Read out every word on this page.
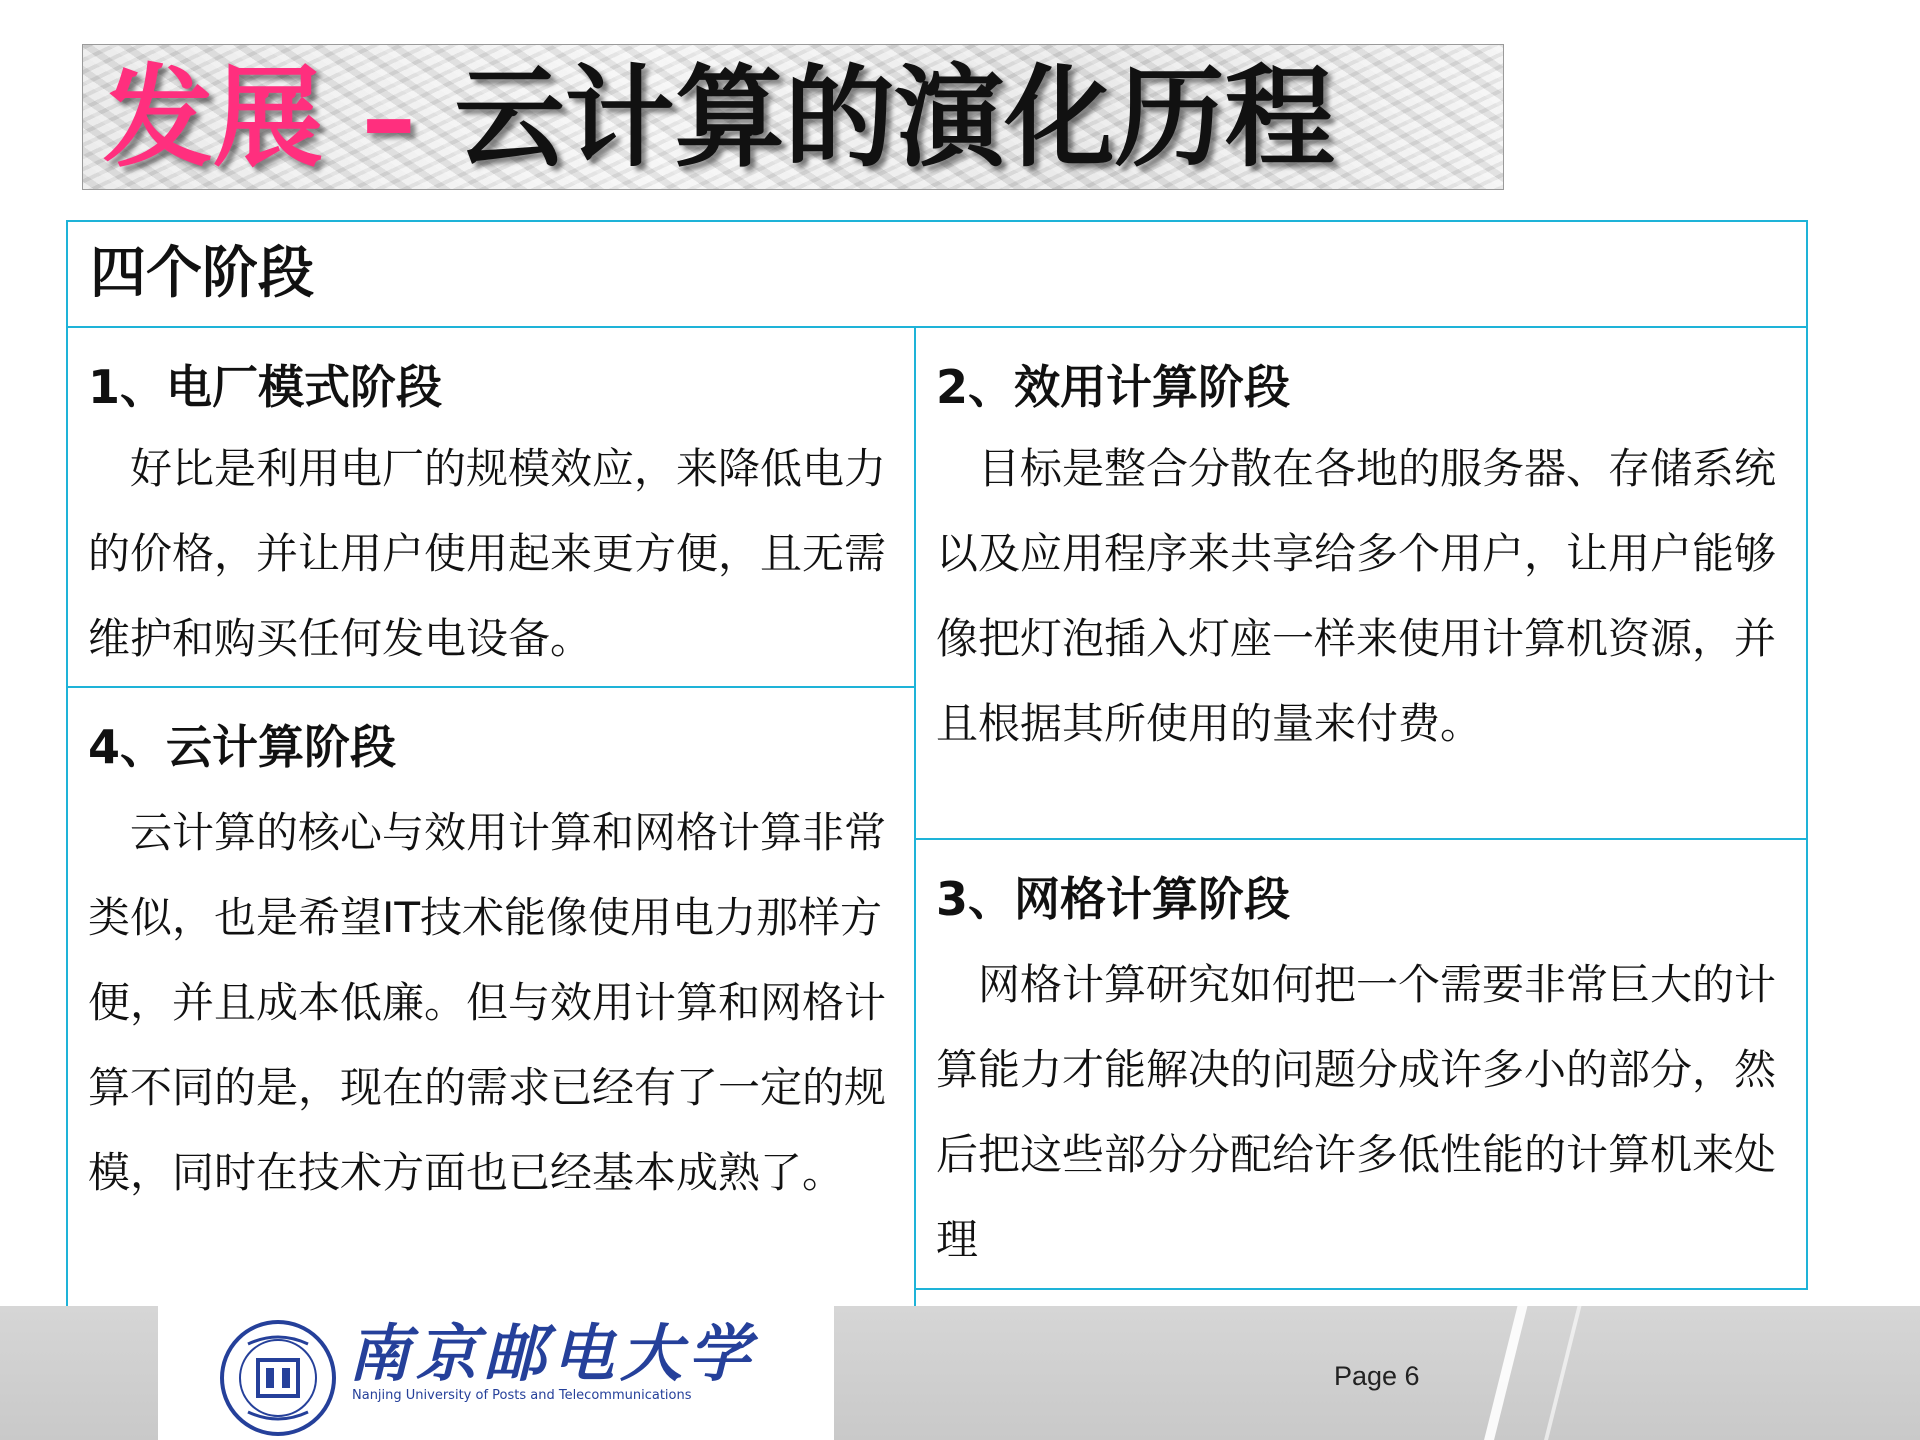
发展 – 云计算的演化历程
四个阶段
1、电厂模式阶段

好比是利用电厂的规模效应，来降低电力的价格，并让用户使用起来更方便，且无需维护和购买任何发电设备。

4、云计算阶段

云计算的核心与效用计算和网格计算非常类似，也是希望IT技术能像使用电力那样方便，并且成本低廉。但与效用计算和网格计算不同的是，现在的需求已经有了一定的规模，同时在技术方面也已经基本成熟了。

2、效用计算阶段

目标是整合分散在各地的服务器、存储系统以及应用程序来共享给多个用户，让用户能够像把灯泡插入灯座一样来使用计算机资源，并且根据其所使用的量来付费。

3、网格计算阶段

网格计算研究如何把一个需要非常巨大的计算能力才能解决的问题分成许多小的部分，然后把这些部分分配给许多低性能的计算机来处理

南京邮电大学
Nanjing University of Posts and Telecommunications
Page 6
